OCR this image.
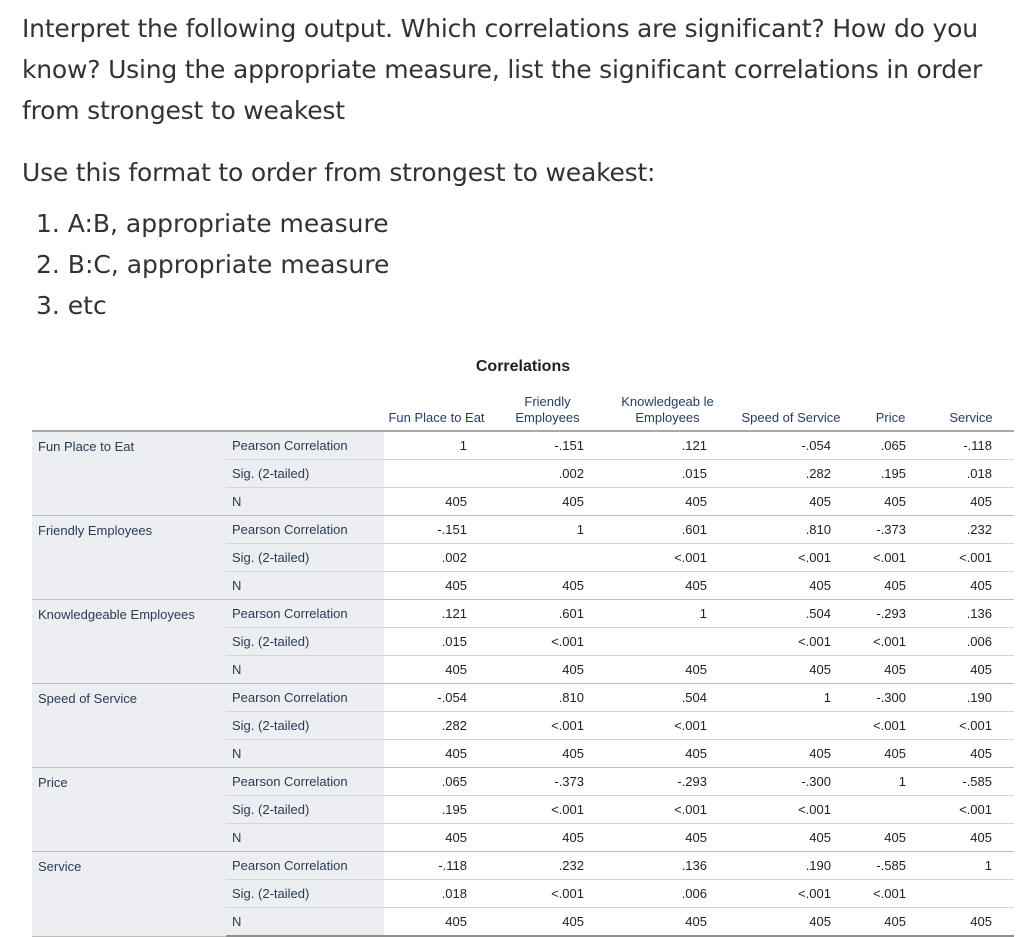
Interpret the following output. Which correlations are significant? How do you know? Using the appropriate measure, list the significant correlations in order from strongest to weakest

Use this format to order from strongest to weakest:

1. A:B, appropriate measure
2. B:C, appropriate measure
3. etc
Correlations
		Fun Place to Eat	Friendly Employees	Knowledgeab le Employees	Speed of Service	Price	Service
Fun Place to Eat	Pearson Correlation	1	-.151	.121	-.054	.065	-.118
	Sig. (2-tailed)		.002	.015	.282	.195	.018
	N	405	405	405	405	405	405
Friendly Employees	Pearson Correlation	-.151	1	.601	.810	-.373	.232
	Sig. (2-tailed)	.002		<.001	<.001	<.001	<.001
	N	405	405	405	405	405	405
Knowledgeable Employees	Pearson Correlation	.121	.601	1	.504	-.293	.136
	Sig. (2-tailed)	.015	<.001		<.001	<.001	.006
	N	405	405	405	405	405	405
Speed of Service	Pearson Correlation	-.054	.810	.504	1	-.300	.190
	Sig. (2-tailed)	.282	<.001	<.001		<.001	<.001
	N	405	405	405	405	405	405
Price	Pearson Correlation	.065	-.373	-.293	-.300	1	-.585
	Sig. (2-tailed)	.195	<.001	<.001	<.001		<.001
	N	405	405	405	405	405	405
Service	Pearson Correlation	-.118	.232	.136	.190	-.585	1
	Sig. (2-tailed)	.018	<.001	.006	<.001	<.001	
	N	405	405	405	405	405	405
